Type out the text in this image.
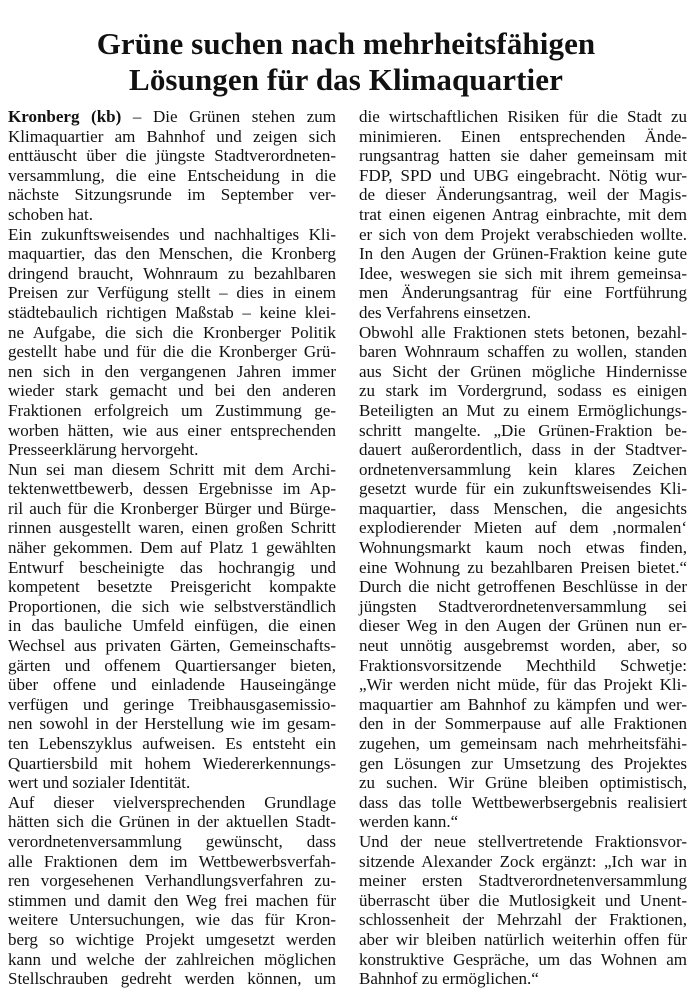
Grüne suchen nach mehrheitsfähigen
Lösungen für das Klimaquartier
Kronberg (kb) – Die Grünen stehen zum
Klimaquartier am Bahnhof und zeigen sich
enttäuscht über die jüngste Stadtverordneten-
versammlung, die eine Entscheidung in die
nächste Sitzungsrunde im September ver-
schoben hat.
Ein zukunftsweisendes und nachhaltiges Kli-
maquartier, das den Menschen, die Kronberg
dringend braucht, Wohnraum zu bezahlbaren
Preisen zur Verfügung stellt – dies in einem
städtebaulich richtigen Maßstab – keine klei-
ne Aufgabe, die sich die Kronberger Politik
gestellt habe und für die die Kronberger Grü-
nen sich in den vergangenen Jahren immer
wieder stark gemacht und bei den anderen
Fraktionen erfolgreich um Zustimmung ge-
worben hätten, wie aus einer entsprechenden
Presseerklärung hervorgeht.
Nun sei man diesem Schritt mit dem Archi-
tektenwettbewerb, dessen Ergebnisse im Ap-
ril auch für die Kronberger Bürger und Bürge-
rinnen ausgestellt waren, einen großen Schritt
näher gekommen. Dem auf Platz 1 gewählten
Entwurf bescheinigte das hochrangig und
kompetent besetzte Preisgericht kompakte
Proportionen, die sich wie selbstverständlich
in das bauliche Umfeld einfügen, die einen
Wechsel aus privaten Gärten, Gemeinschafts-
gärten und offenem Quartiersanger bieten,
über offene und einladende Hauseingänge
verfügen und geringe Treibhausgasemissio-
nen sowohl in der Herstellung wie im gesam-
ten Lebenszyklus aufweisen. Es entsteht ein
Quartiersbild mit hohem Wiedererkennungs-
wert und sozialer Identität.
Auf dieser vielversprechenden Grundlage
hätten sich die Grünen in der aktuellen Stadt-
verordnetenversammlung gewünscht, dass
alle Fraktionen dem im Wettbewerbsverfah-
ren vorgesehenen Verhandlungsverfahren zu-
stimmen und damit den Weg frei machen für
weitere Untersuchungen, wie das für Kron-
berg so wichtige Projekt umgesetzt werden
kann und welche der zahlreichen möglichen
Stellschrauben gedreht werden können, um
die wirtschaftlichen Risiken für die Stadt zu
minimieren. Einen entsprechenden Ände-
rungsantrag hatten sie daher gemeinsam mit
FDP, SPD und UBG eingebracht. Nötig wur-
de dieser Änderungsantrag, weil der Magis-
trat einen eigenen Antrag einbrachte, mit dem
er sich von dem Projekt verabschieden wollte.
In den Augen der Grünen-Fraktion keine gute
Idee, weswegen sie sich mit ihrem gemeinsa-
men Änderungsantrag für eine Fortführung
des Verfahrens einsetzen.
Obwohl alle Fraktionen stets betonen, bezahl-
baren Wohnraum schaffen zu wollen, standen
aus Sicht der Grünen mögliche Hindernisse
zu stark im Vordergrund, sodass es einigen
Beteiligten an Mut zu einem Ermöglichungs-
schritt mangelte. „Die Grünen-Fraktion be-
dauert außerordentlich, dass in der Stadtver-
ordnetenversammlung kein klares Zeichen
gesetzt wurde für ein zukunftsweisendes Kli-
maquartier, dass Menschen, die angesichts
explodierender Mieten auf dem ‚normalen‘
Wohnungsmarkt kaum noch etwas finden,
eine Wohnung zu bezahlbaren Preisen bietet.“
Durch die nicht getroffenen Beschlüsse in der
jüngsten Stadtverordnetenversammlung sei
dieser Weg in den Augen der Grünen nun er-
neut unnötig ausgebremst worden, aber, so
Fraktionsvorsitzende Mechthild Schwetje:
„Wir werden nicht müde, für das Projekt Kli-
maquartier am Bahnhof zu kämpfen und wer-
den in der Sommerpause auf alle Fraktionen
zugehen, um gemeinsam nach mehrheitsfähi-
gen Lösungen zur Umsetzung des Projektes
zu suchen. Wir Grüne bleiben optimistisch,
dass das tolle Wettbewerbsergebnis realisiert
werden kann.“
Und der neue stellvertretende Fraktionsvor-
sitzende Alexander Zock ergänzt: „Ich war in
meiner ersten Stadtverordnetenversammlung
überrascht über die Mutlosigkeit und Unent-
schlossenheit der Mehrzahl der Fraktionen,
aber wir bleiben natürlich weiterhin offen für
konstruktive Gespräche, um das Wohnen am
Bahnhof zu ermöglichen.“
